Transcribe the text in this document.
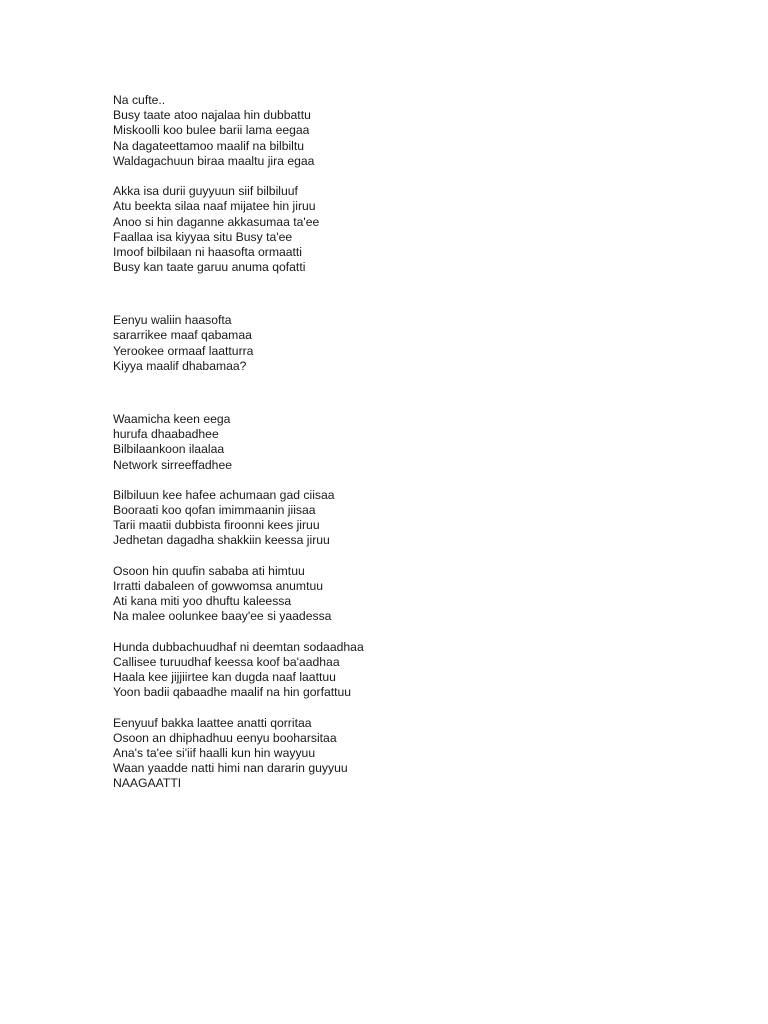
Na cufte..
Busy taate atoo najalaa hin dubbattu
Miskoolli koo bulee barii lama eegaa
Na dagateettamoo maalif na bilbiltu
Waldagachuun biraa maaltu jira egaa
Akka isa durii guyyuun siif bilbiluuf
Atu beekta silaa naaf mijatee hin jiruu
Anoo si hin daganne akkasumaa ta'ee
Faallaa isa kiyyaa situ Busy ta'ee
Imoof bilbilaan ni haasofta ormaatti
Busy kan taate garuu anuma qofatti
Eenyu waliin haasofta
sararrikee maaf qabamaa
Yerookee ormaaf laatturra
Kiyya maalif dhabamaa?
Waamicha keen eega
hurufa dhaabadhee
Bilbilaankoon ilaalaa
Network sirreeffadhee
Bilbiluun kee hafee achumaan gad ciisaa
Booraati koo qofan imimmaanin jiisaa
Tarii maatii dubbista firoonni kees jiruu
Jedhetan dagadha shakkiin keessa jiruu
Osoon hin quufin sababa ati himtuu
Irratti dabaleen of gowwomsa anumtuu
Ati kana miti yoo dhuftu kaleessa
Na malee oolunkee baay'ee si yaadessa
Hunda dubbachuudhaf ni deemtan sodaadhaa
Callisee turuudhaf keessa koof ba'aadhaa
Haala kee jijjiirtee kan dugda naaf laattuu
Yoon badii qabaadhe maalif na hin gorfattuu
Eenyuuf bakka laattee anatti qorritaa
Osoon an dhiphadhuu eenyu booharsitaa
Ana's ta'ee si'iif haalli kun hin wayyuu
Waan yaadde natti himi nan dararin guyyuu
NAAGAATTI
